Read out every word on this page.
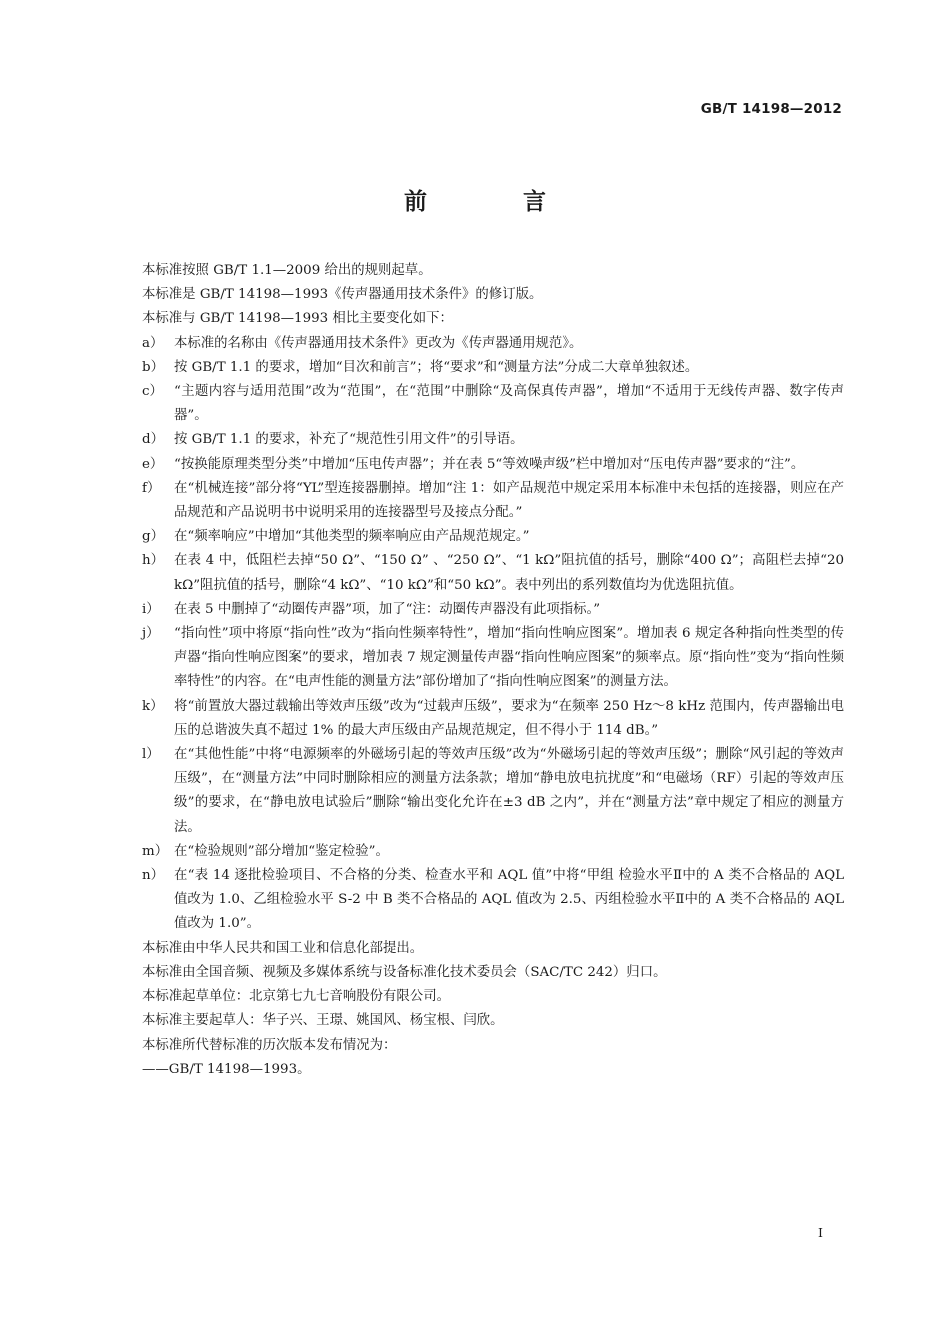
GB/T 14198—2012
前 言

本标准按照 GB/T 1.1—2009 给出的规则起草。

本标准是 GB/T 14198—1993《传声器通用技术条件》的修订版。

本标准与 GB/T 14198—1993 相比主要变化如下：

a） 本标准的名称由《传声器通用技术条件》更改为《传声器通用规范》。
b） 按 GB/T 1.1 的要求，增加“目次和前言”；将“要求”和“测量方法”分成二大章单独叙述。
c） “主题内容与适用范围”改为“范围”，在“范围”中删除“及高保真传声器”，增加“不适用于无线传声器、数字传声器”。
d） 按 GB/T 1.1 的要求，补充了“规范性引用文件”的引导语。
e） “按换能原理类型分类”中增加“压电传声器”；并在表 5“等效噪声级”栏中增加对“压电传声器”要求的“注”。
f）	在“机械连接”部分将“YL”型连接器删掉。增加“注 1：如产品规范中规定采用本标准中未包括的连接器，则应在产品规范和产品说明书中说明采用的连接器型号及接点分配。”
g） 在“频率响应”中增加“其他类型的频率响应由产品规范规定。”
h） 在表 4 中，低阻栏去掉“50 Ω”、“150 Ω” 、“250 Ω”、“1 kΩ”阻抗值的括号，删除“400 Ω”；高阻栏去掉“20 kΩ”阻抗值的括号，删除“4 kΩ”、“10 kΩ”和“50 kΩ”。表中列出的系列数值均为优选阻抗值。
i）	在表 5 中删掉了“动圈传声器”项，加了“注：动圈传声器没有此项指标。”
j）	“指向性”项中将原“指向性”改为“指向性频率特性”，增加“指向性响应图案”。增加表 6 规定各种指向性类型的传声器“指向性响应图案”的要求，增加表 7 规定测量传声器“指向性响应图案”的频率点。原“指向性”变为“指向性频率特性”的内容。在“电声性能的测量方法”部份增加了“指向性响应图案”的测量方法。
k） 将“前置放大器过载输出等效声压级”改为“过载声压级”，要求为“在频率 250 Hz～8 kHz 范围内，传声器输出电压的总谐波失真不超过 1% 的最大声压级由产品规范规定，但不得小于 114 dB。”
l）	在“其他性能”中将“电源频率的外磁场引起的等效声压级”改为“外磁场引起的等效声压级”；删除“风引起的等效声压级”，在“测量方法”中同时删除相应的测量方法条款；增加“静电放电抗扰度”和“电磁场（RF）引起的等效声压级”的要求，在“静电放电试验后”删除“输出变化允许在±3 dB 之内”，并在“测量方法”章中规定了相应的测量方法。
m） 在“检验规则”部分增加“鉴定检验”。
n） 在“表 14 逐批检验项目、不合格的分类、检查水平和 AQL 值”中将“甲组 检验水平Ⅱ中的 A 类不合格品的 AQL 值改为 1.0、乙组检验水平 S-2 中 B 类不合格品的 AQL 值改为 2.5、丙组检验水平Ⅱ中的 A 类不合格品的 AQL 值改为 1.0”。

本标准由中华人民共和国工业和信息化部提出。

本标准由全国音频、视频及多媒体系统与设备标准化技术委员会（SAC/TC 242）归口。

本标准起草单位：北京第七九七音响股份有限公司。

本标准主要起草人：华子兴、王璟、姚国风、杨宝根、闫欣。

本标准所代替标准的历次版本发布情况为：

——GB/T 14198—1993。

I
